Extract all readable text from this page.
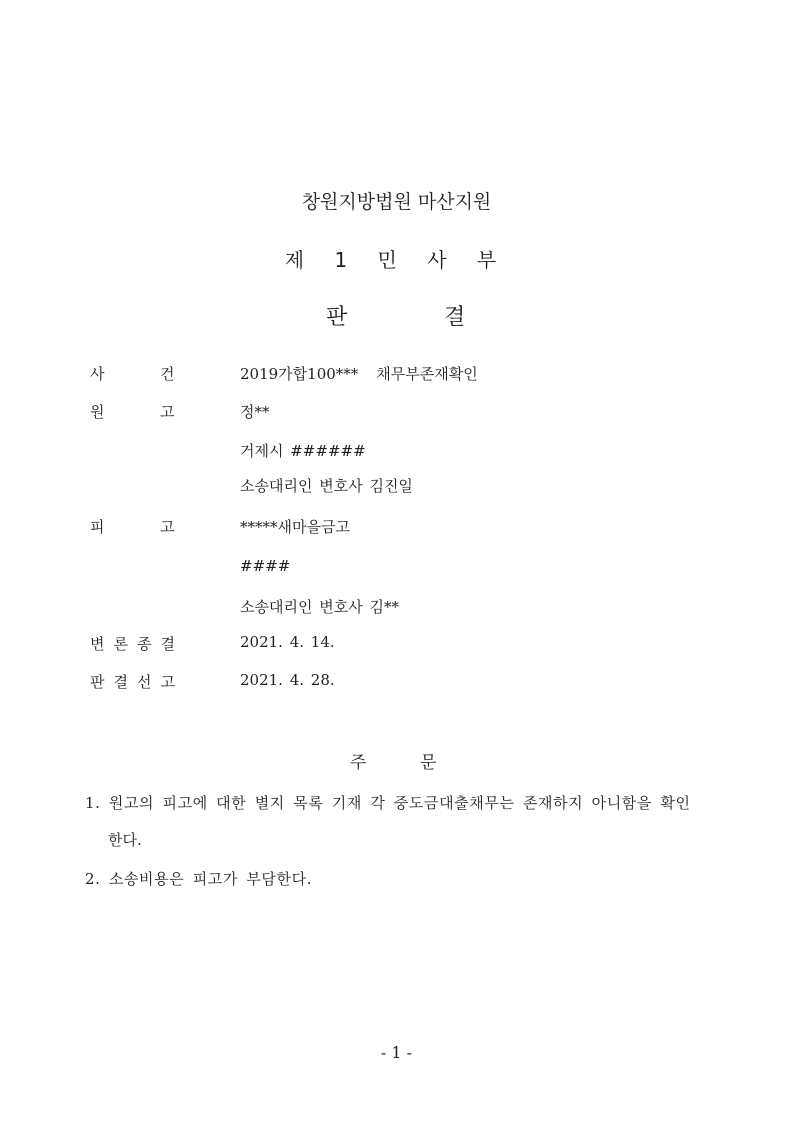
창원지방법원 마산지원
제 1 민 사 부
판	결
사	건	2019가합100*** 채무부존재확인
원	고	정**
거제시 ######
소송대리인 변호사 김진일
피	고	*****새마을금고
####
소송대리인 변호사 김**
변론종결	2021. 4. 14.
판결선고	2021. 4. 28.
주	문
1. 원고의 피고에 대한 별지 목록 기재 각 중도금대출채무는 존재하지 아니함을 확인
한다.
2. 소송비용은 피고가 부담한다.
- 1 -
